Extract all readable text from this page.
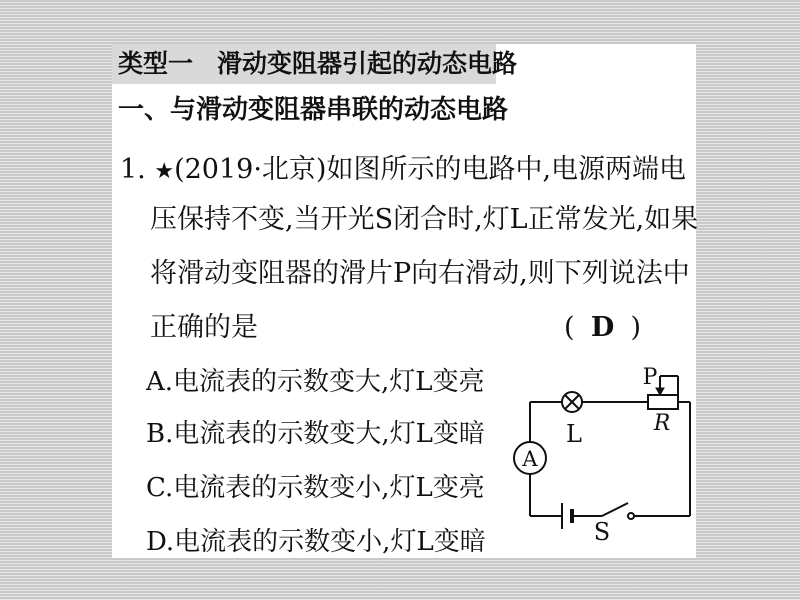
类型一 滑动变阻器引起的动态电路
一、与滑动变阻器串联的动态电路
1. ★(2019·北京)如图所示的电路中,电源两端电
压保持不变,当开光S闭合时,灯L正常发光,如果
将滑动变阻器的滑片P向右滑动,则下列说法中
正确的是	( D )
A.电流表的示数变大,灯L变亮
B.电流表的示数变大,灯L变暗
C.电流表的示数变小,灯L变亮
D.电流表的示数变小,灯L变暗
A
L
P
R
S
